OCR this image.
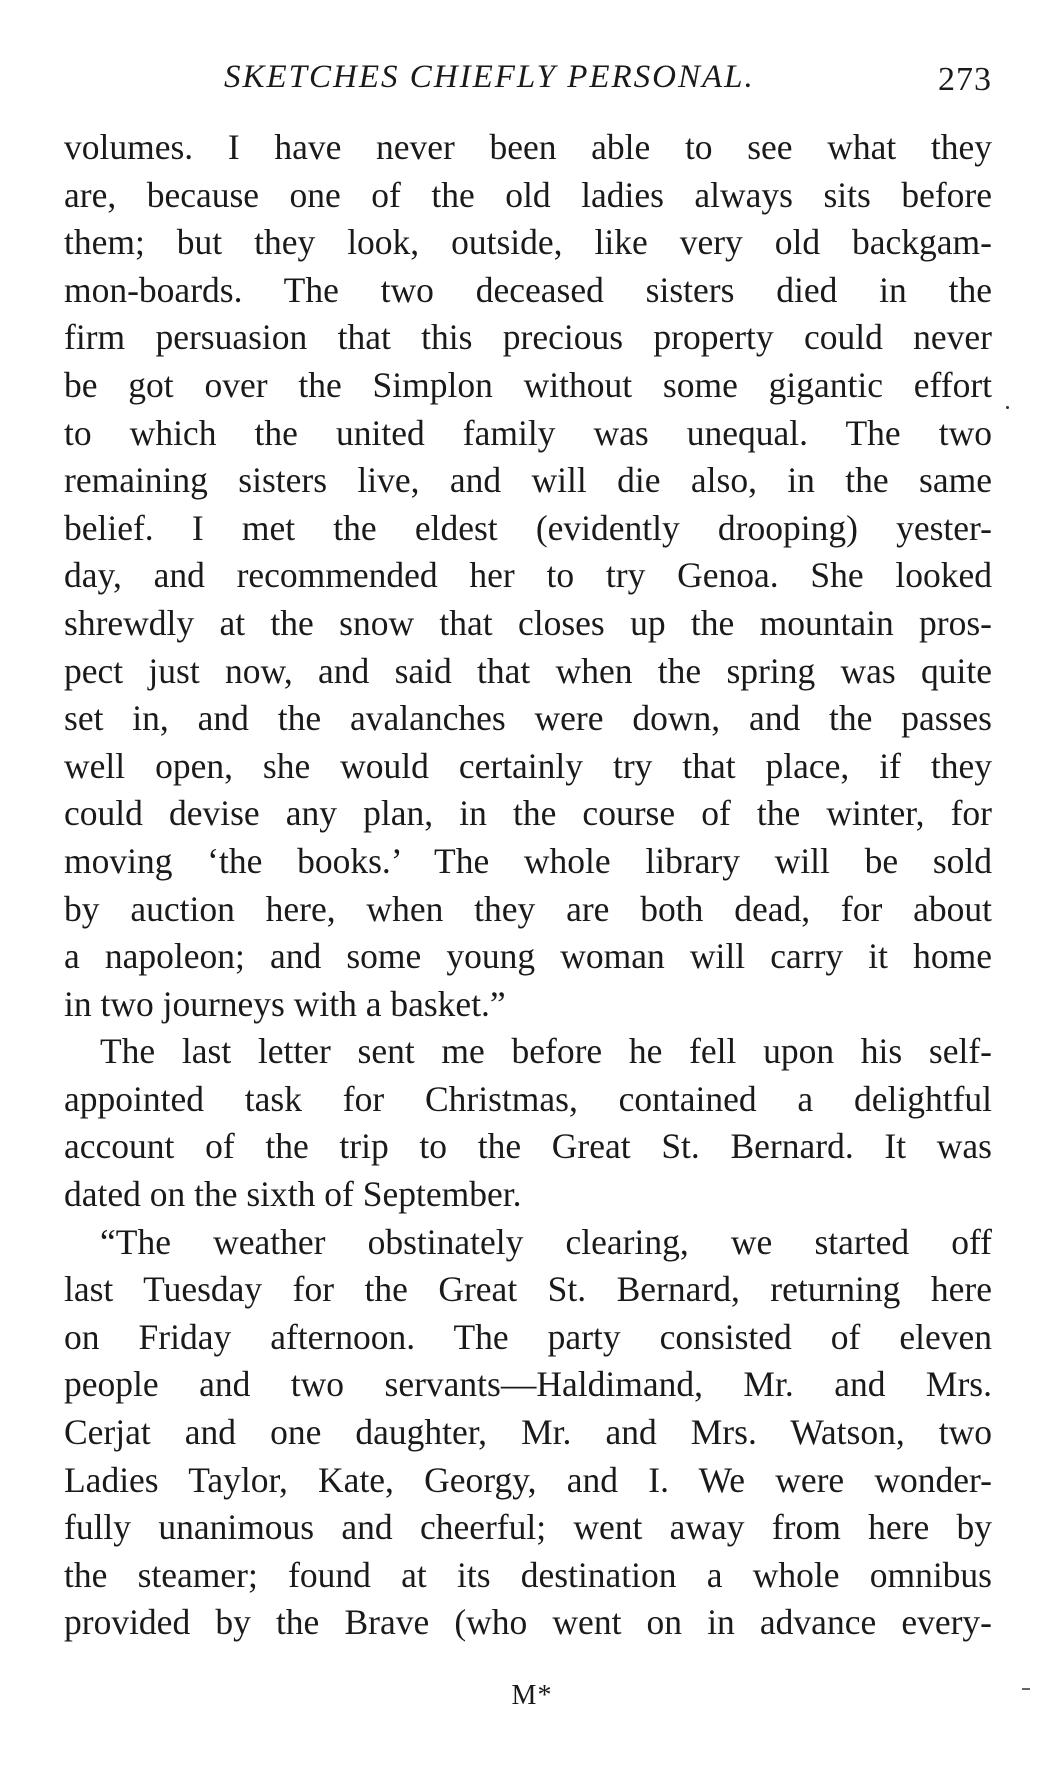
SKETCHES CHIEFLY PERSONAL.	273
volumes. I have never been able to see what they
are, because one of the old ladies always sits before
them; but they look, outside, like very old backgam-
mon-boards. The two deceased sisters died in the
firm persuasion that this precious property could never
be got over the Simplon without some gigantic effort
to which the united family was unequal. The two
remaining sisters live, and will die also, in the same
belief. I met the eldest (evidently drooping) yester-
day, and recommended her to try Genoa. She looked
shrewdly at the snow that closes up the mountain pros-
pect just now, and said that when the spring was quite
set in, and the avalanches were down, and the passes
well open, she would certainly try that place, if they
could devise any plan, in the course of the winter, for
moving ‘the books.’ The whole library will be sold
by auction here, when they are both dead, for about
a napoleon; and some young woman will carry it home
in two journeys with a basket.”
The last letter sent me before he fell upon his self-
appointed task for Christmas, contained a delightful
account of the trip to the Great St. Bernard. It was
dated on the sixth of September.
“The weather obstinately clearing, we started off
last Tuesday for the Great St. Bernard, returning here
on Friday afternoon. The party consisted of eleven
people and two servants—Haldimand, Mr. and Mrs.
Cerjat and one daughter, Mr. and Mrs. Watson, two
Ladies Taylor, Kate, Georgy, and I. We were wonder-
fully unanimous and cheerful; went away from here by
the steamer; found at its destination a whole omnibus
provided by the Brave (who went on in advance every-
M*
